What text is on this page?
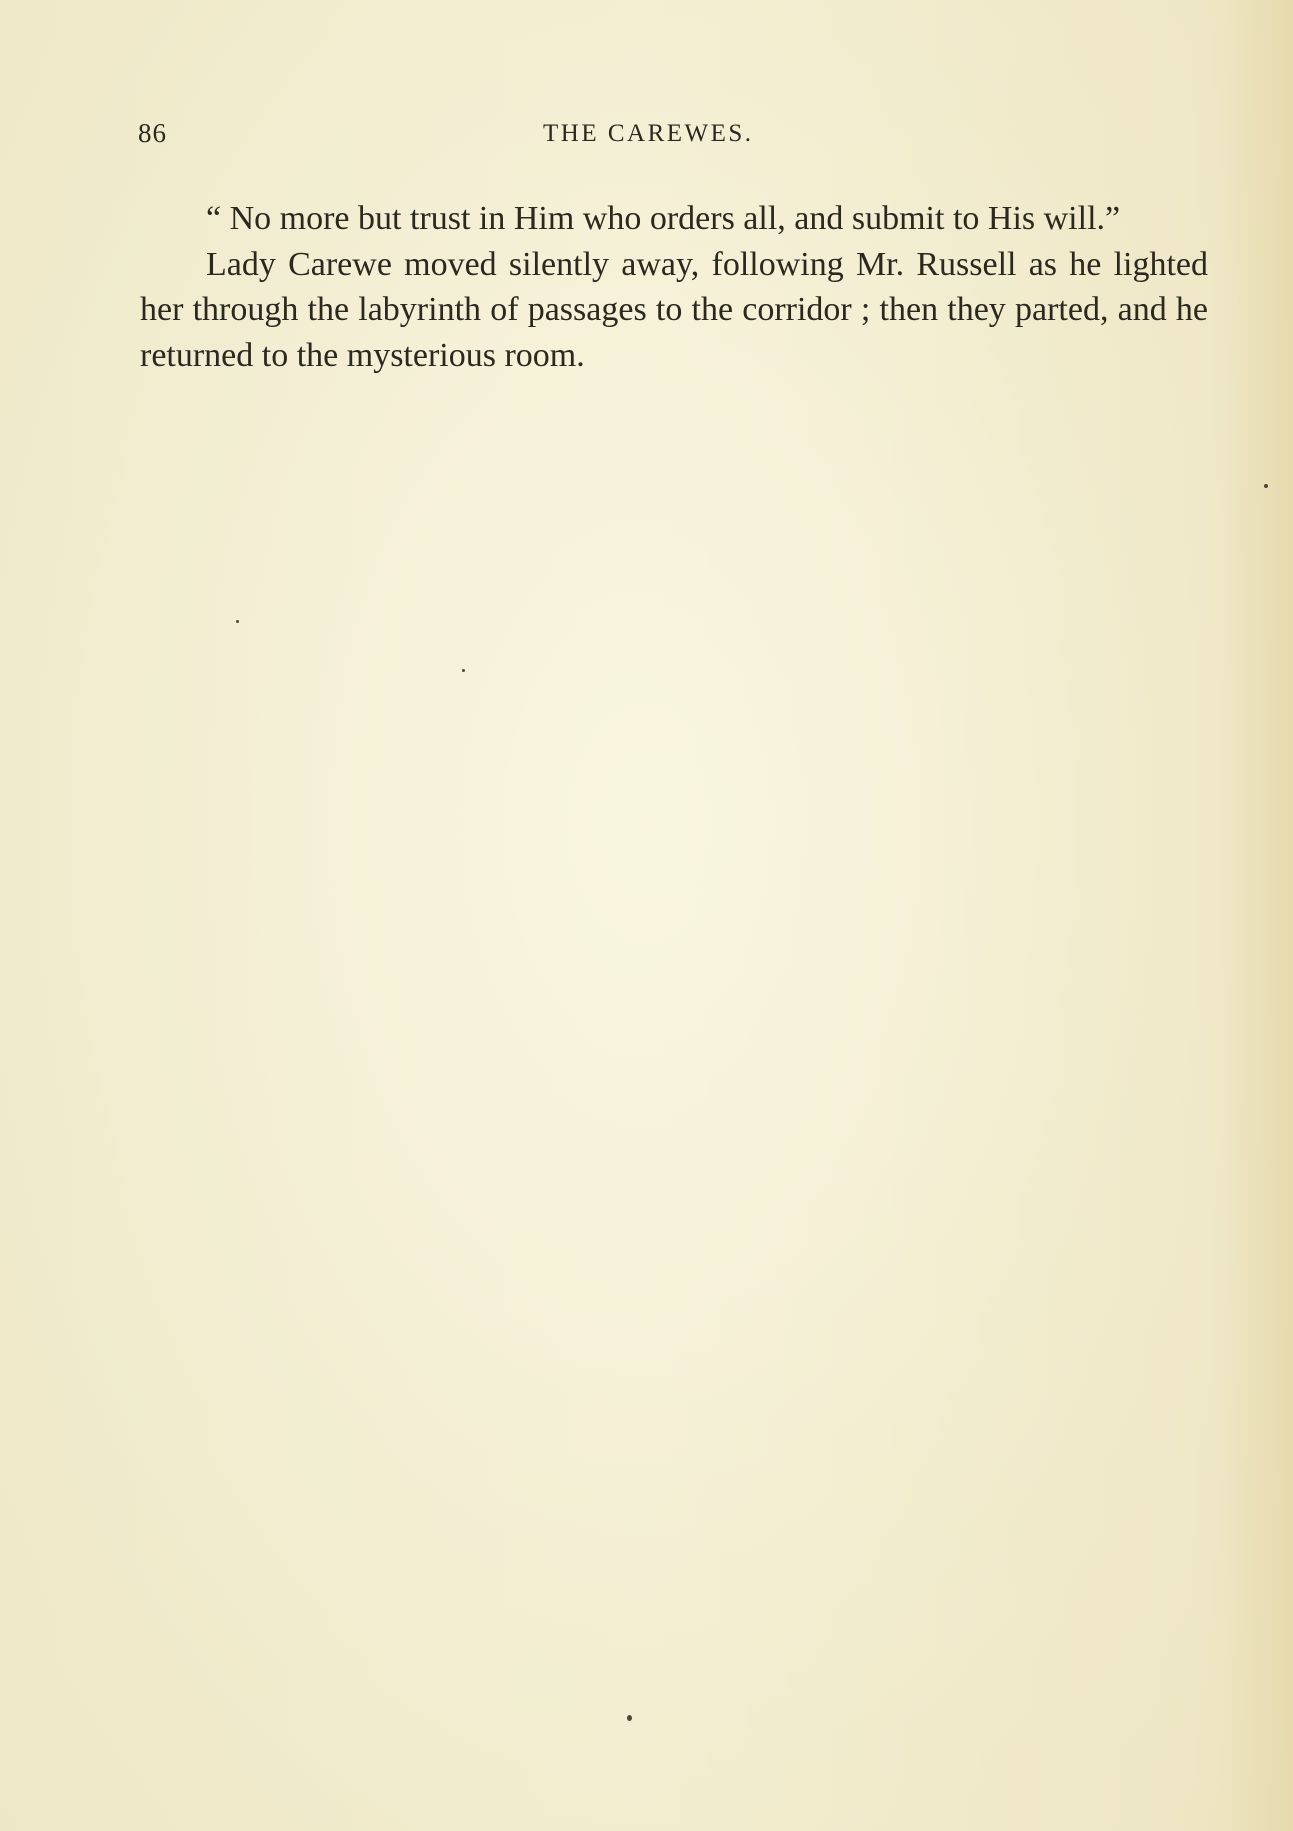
86	THE CAREWES.

“ No more but trust in Him who orders all, and submit to His will.”

Lady Carewe moved silently away, following Mr. Russell as he lighted her through the labyrinth of passages to the corridor ; then they parted, and he returned to the mysterious room.
